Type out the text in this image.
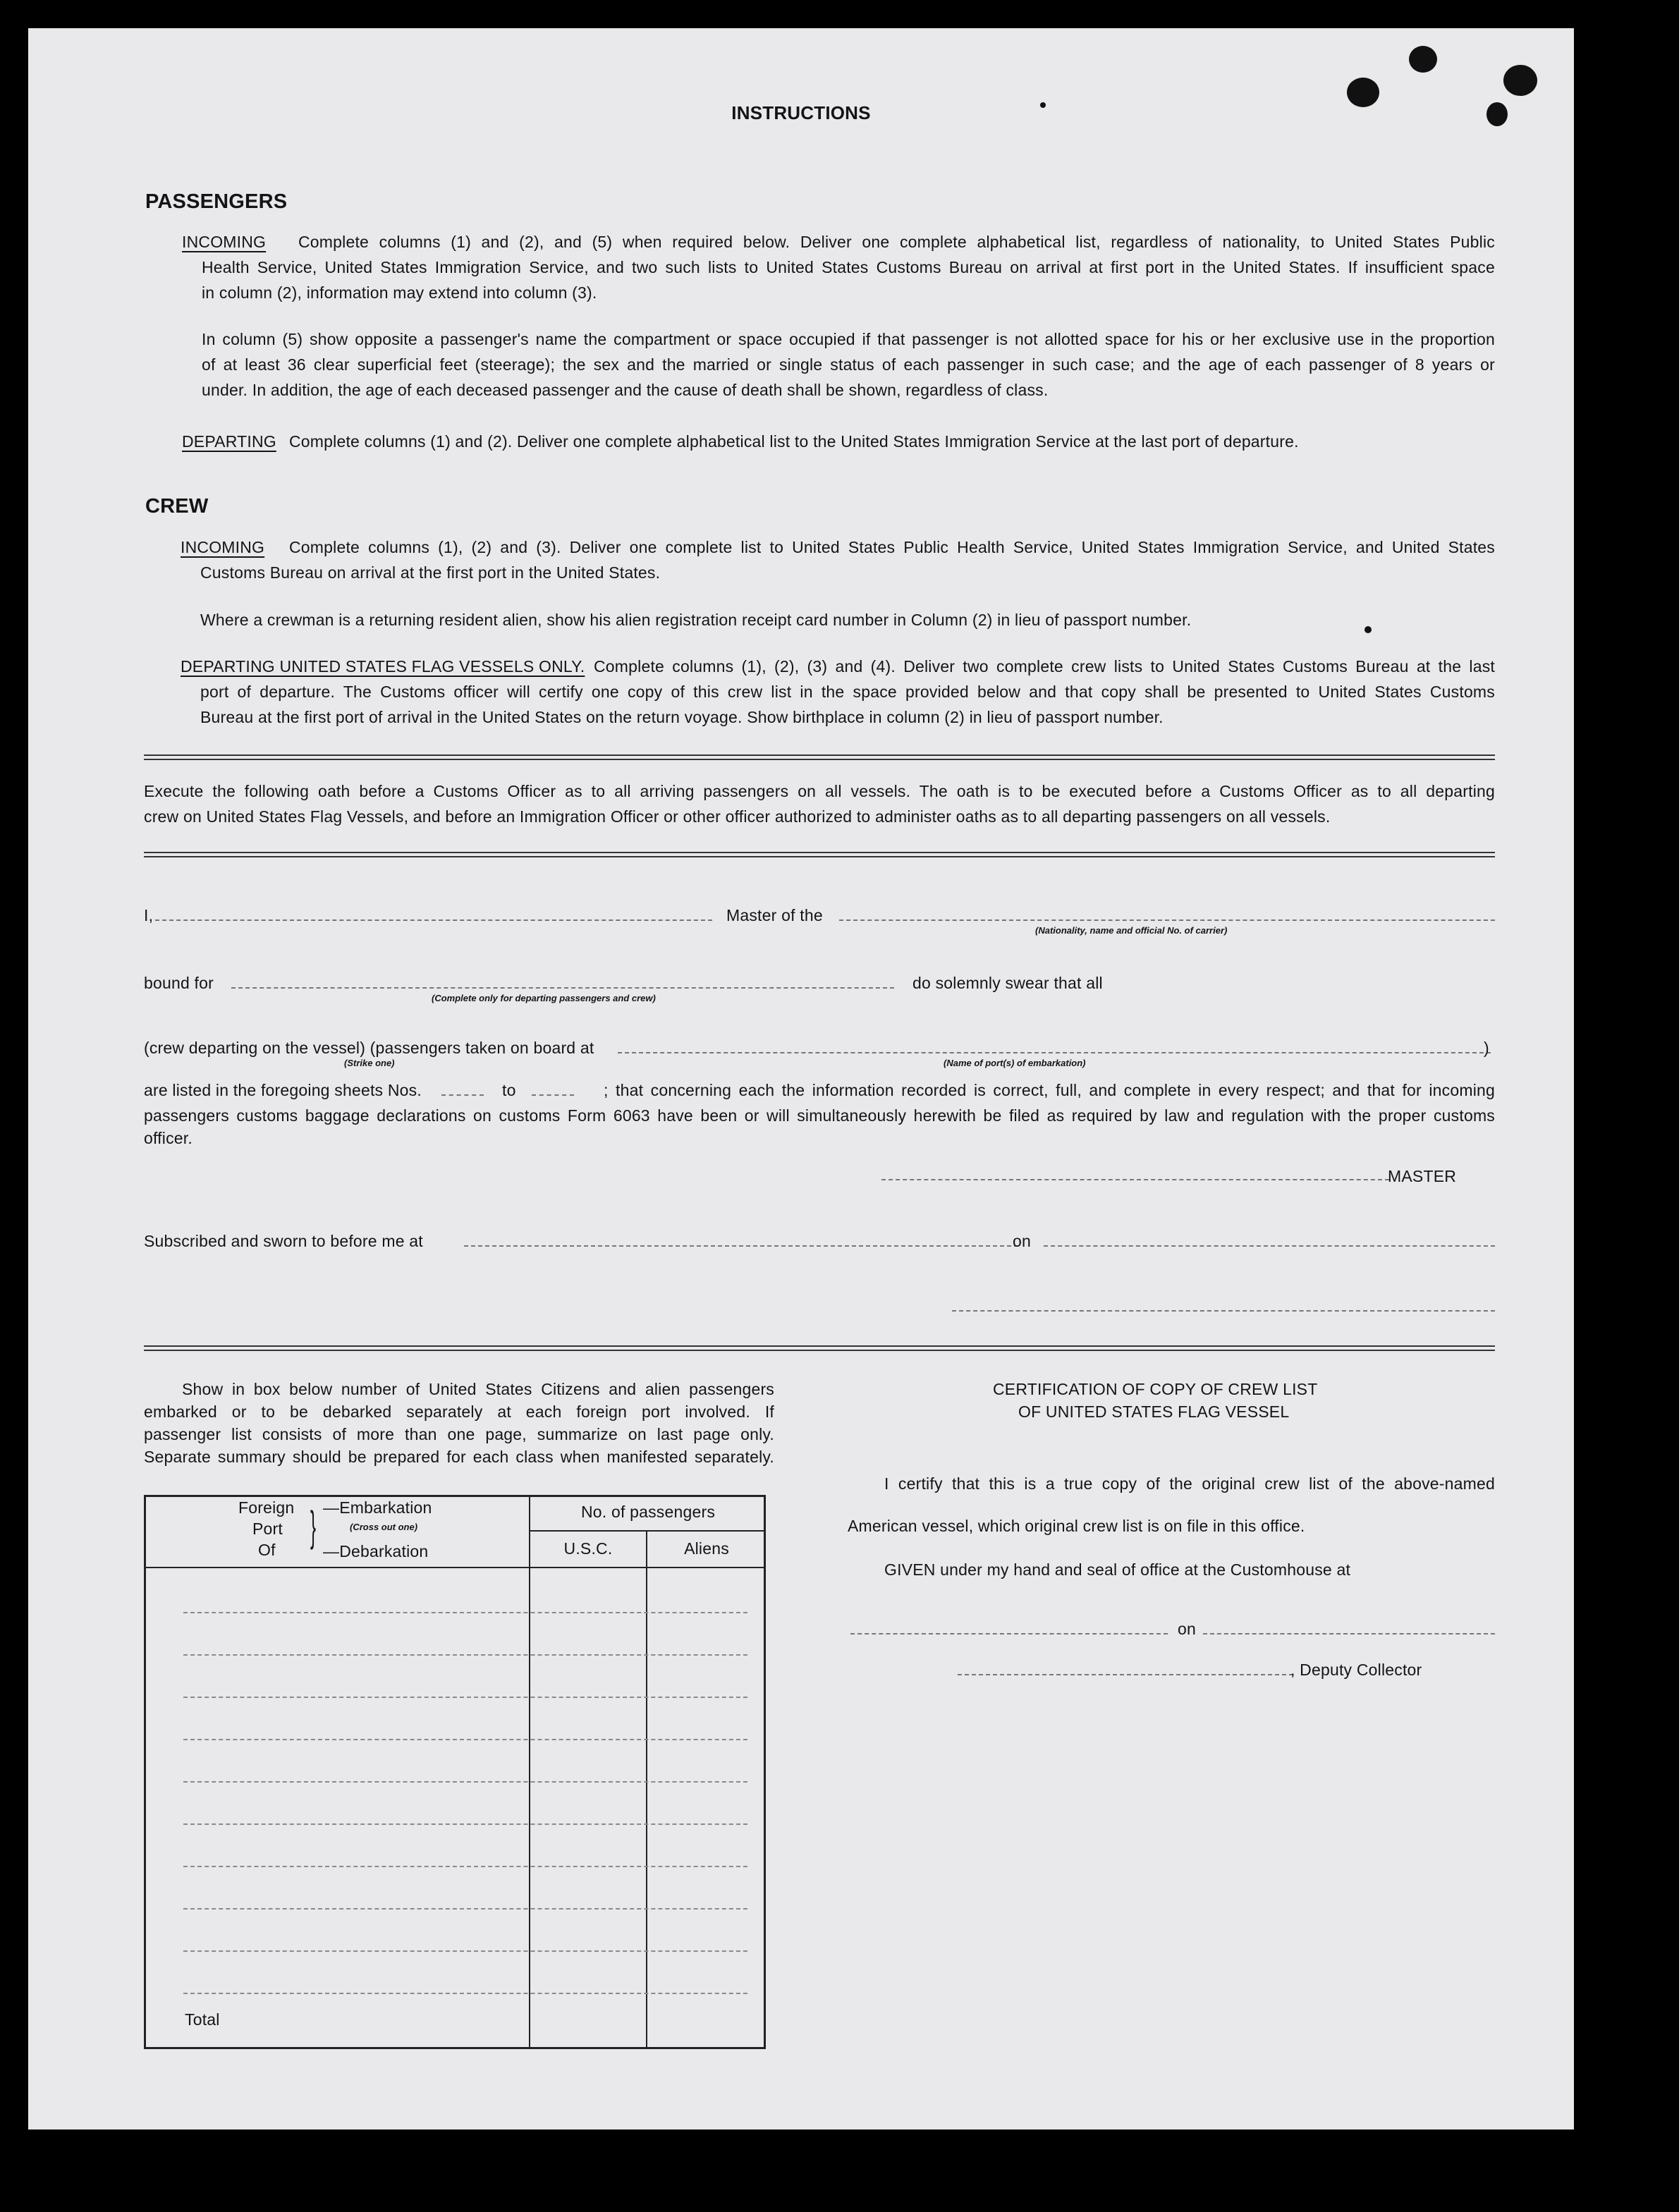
INSTRUCTIONS
PASSENGERS
INCOMING Complete columns (1) and (2), and (5) when required below. Deliver one complete alphabetical list, regardless of nationality, to United States Public
Health Service, United States Immigration Service, and two such lists to United States Customs Bureau on arrival at first port in the United States. If insufficient space
in column (2), information may extend into column (3).
In column (5) show opposite a passenger's name the compartment or space occupied if that passenger is not allotted space for his or her exclusive use in the proportion
of at least 36 clear superficial feet (steerage); the sex and the married or single status of each passenger in such case; and the age of each passenger of 8 years or
under. In addition, the age of each deceased passenger and the cause of death shall be shown, regardless of class.
DEPARTING Complete columns (1) and (2). Deliver one complete alphabetical list to the United States Immigration Service at the last port of departure.
CREW
INCOMING Complete columns (1), (2) and (3). Deliver one complete list to United States Public Health Service, United States Immigration Service, and United States
Customs Bureau on arrival at the first port in the United States.
Where a crewman is a returning resident alien, show his alien registration receipt card number in Column (2) in lieu of passport number.
DEPARTING UNITED STATES FLAG VESSELS ONLY. Complete columns (1), (2), (3) and (4). Deliver two complete crew lists to United States Customs Bureau at the last
port of departure. The Customs officer will certify one copy of this crew list in the space provided below and that copy shall be presented to United States Customs
Bureau at the first port of arrival in the United States on the return voyage. Show birthplace in column (2) in lieu of passport number.
Execute the following oath before a Customs Officer as to all arriving passengers on all vessels. The oath is to be executed before a Customs Officer as to all departing
crew on United States Flag Vessels, and before an Immigration Officer or other officer authorized to administer oaths as to all departing passengers on all vessels.
I,	Master of the
(Nationality, name and official No. of carrier)
bound for
(Complete only for departing passengers and crew)
do solemnly swear that all
(crew departing on the vessel) (passengers taken on board at
(Strike one)	(Name of port(s) of embarkation)
)
are listed in the foregoing sheets Nos.	to	; that concerning each the information recorded is correct, full, and complete in every respect; and that for incoming
passengers customs baggage declarations on customs Form 6063 have been or will simultaneously herewith be filed as required by law and regulation with the proper customs
officer.
MASTER
Subscribed and sworn to before me at	on
Show in box below number of United States Citizens and alien passengers
embarked or to be debarked separately at each foreign port involved. If
passenger list consists of more than one page, summarize on last page only.
Separate summary should be prepared for each class when manifested separately.
Foreign
Port
Of } —Embarkation
(Cross out one)
—Debarkation
No. of passengers
U.S.C.	Aliens
Total
CERTIFICATION OF COPY OF CREW LIST
OF UNITED STATES FLAG VESSEL
I certify that this is a true copy of the original crew list of the above-named
American vessel, which original crew list is on file in this office.
GIVEN under my hand and seal of office at the Customhouse at
on
, Deputy Collector
